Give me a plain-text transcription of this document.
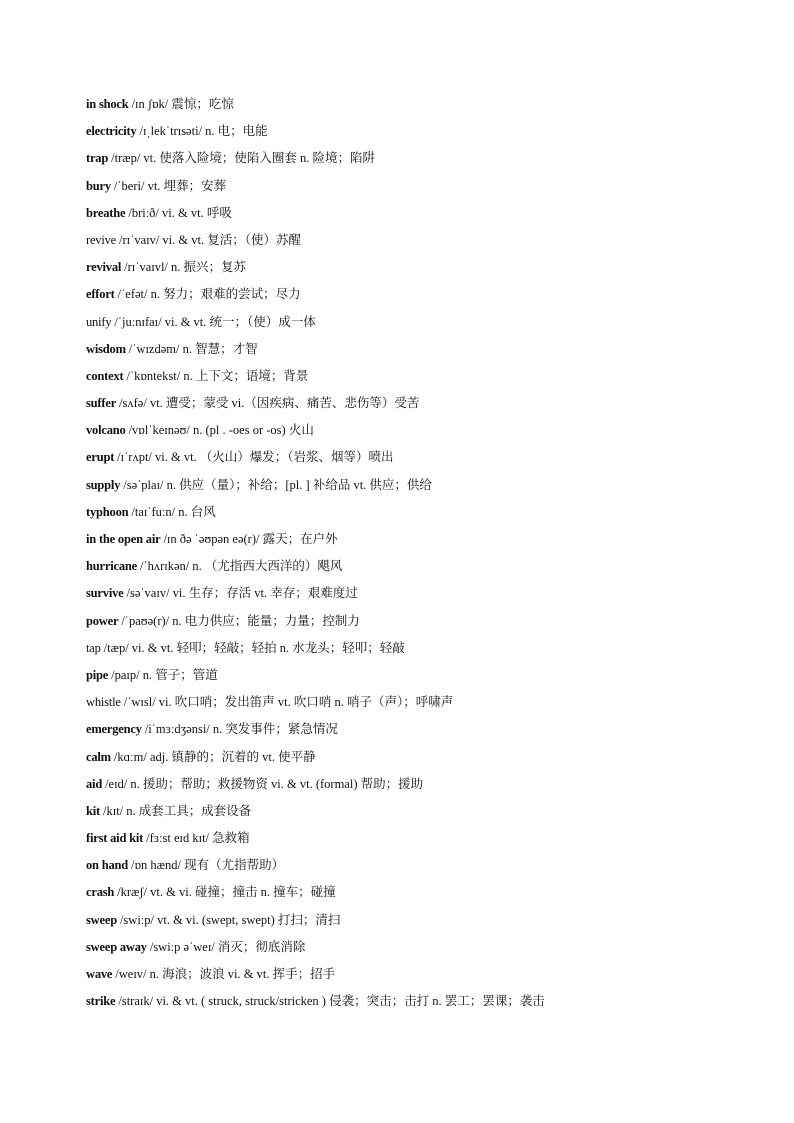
in shock /ɪn ʃɒk/ 震惊；吃惊
electricity /ɪˌlekˈtrɪsəti/ n. 电；电能
trap /træp/ vt. 使落入险境；使陷入圈套 n. 险境；陷阱
bury /ˈberi/ vt. 埋葬；安葬
breathe /briːð/ vi. & vt. 呼吸
revive /rɪˈvaɪv/ vi. & vt. 复活；（使）苏醒
revival /rɪˈvaɪvl/ n. 振兴；复苏
effort /ˈefət/ n. 努力；艰难的尝试；尽力
unify /ˈjuːnɪfaɪ/ vi. & vt. 统一；（使）成一体
wisdom /ˈwɪzdəm/ n. 智慧；才智
context /ˈkɒntekst/ n. 上下文；语境；背景
suffer /sʌfə/ vt. 遭受；蒙受 vi.（因疾病、痛苦、悲伤等）受苦
volcano /vɒlˈkeɪnəʊ/ n. (pl . -oes or -os) 火山
erupt /ɪˈrʌpt/ vi. & vt. （火山）爆发；（岩浆、烟等）喷出
supply /səˈplaɪ/ n. 供应（量）；补给；[pl. ] 补给品 vt. 供应；供给
typhoon /taɪˈfuːn/ n. 台风
in the open air /ɪn ðə ˈəʊpən eə(r)/ 露天；在户外
hurricane /ˈhʌrɪkən/ n. （尤指西大西洋的）飓风
survive /səˈvaɪv/ vi. 生存；存活 vt. 幸存；艰难度过
power /ˈpaʊə(r)/ n. 电力供应；能量；力量；控制力
tap /tæp/ vi. & vt. 轻叩；轻敲；轻拍 n. 水龙头；轻叩；轻敲
pipe /paɪp/ n. 管子；管道
whistle /ˈwɪsl/ vi. 吹口哨；发出笛声 vt. 吹口哨 n. 哨子（声）；呼啸声
emergency /iˈmɜːdʒənsi/ n. 突发事件；紧急情况
calm /kɑːm/ adj. 镇静的；沉着的 vt. 使平静
aid /eɪd/ n. 援助；帮助；救援物资 vi. & vt. (formal) 帮助；援助
kit /kɪt/ n. 成套工具；成套设备
first aid kit /fɜːst eɪd kɪt/ 急救箱
on hand /ɒn hænd/ 现有（尤指帮助）
crash /kræʃ/ vt. & vi. 碰撞；撞击 n. 撞车；碰撞
sweep /swiːp/ vt. & vi. (swept, swept) 打扫；清扫
sweep away /swiːp əˈweɪ/ 消灭；彻底消除
wave /weɪv/ n. 海浪；波浪 vi. & vt. 挥手；招手
strike /straɪk/ vi. & vt. ( struck, struck/stricken ) 侵袭；突击；击打 n. 罢工；罢课；袭击
